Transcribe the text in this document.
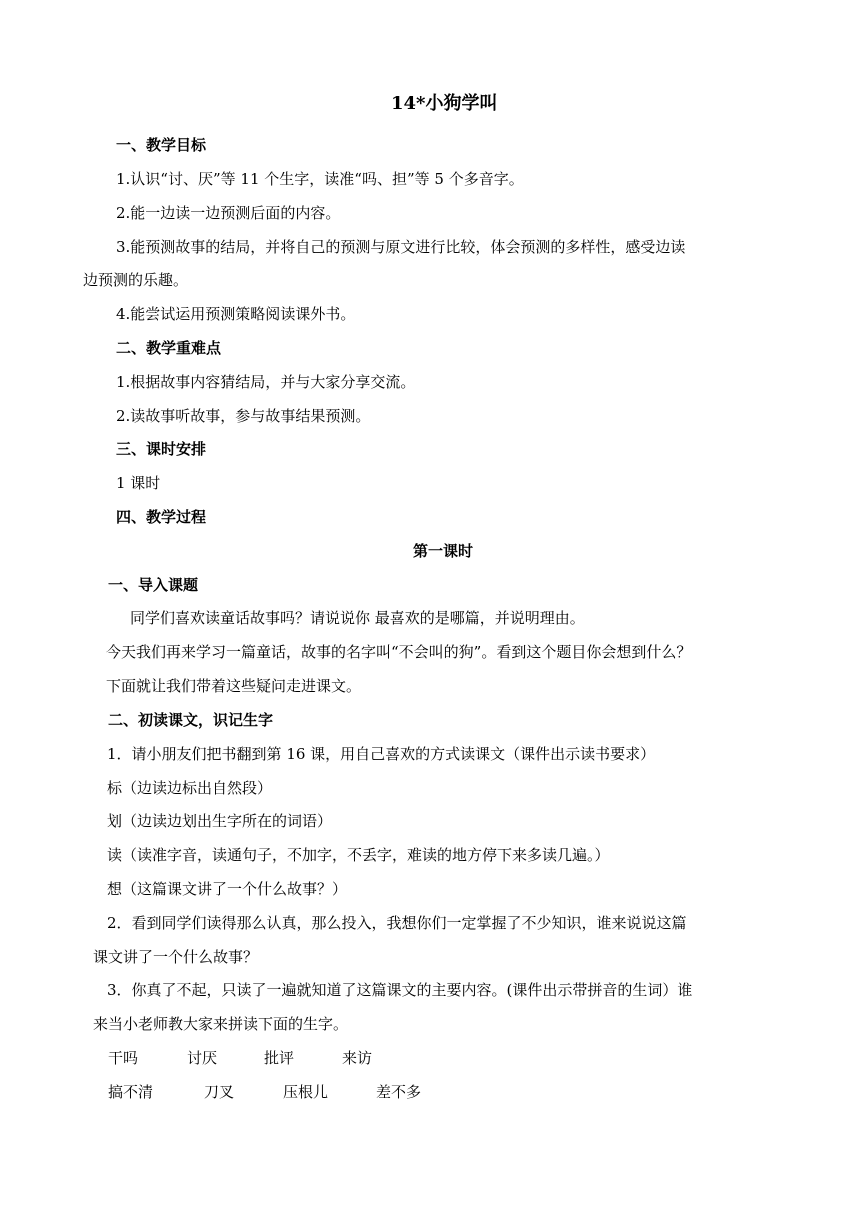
14*小狗学叫
一、教学目标
1.认识“讨、厌”等 11 个生字，读准“吗、担”等 5 个多音字。
2.能一边读一边预测后面的内容。
3.能预测故事的结局，并将自己的预测与原文进行比较，体会预测的多样性，感受边读
边预测的乐趣。
4.能尝试运用预测策略阅读课外书。
二、教学重难点
1.根据故事内容猜结局，并与大家分享交流。
2.读故事听故事，参与故事结果预测。
三、课时安排
1 课时
四、教学过程
第一课时
一、导入课题
同学们喜欢读童话故事吗？请说说你 最喜欢的是哪篇，并说明理由。
今天我们再来学习一篇童话，故事的名字叫“不会叫的狗”。看到这个题目你会想到什么？
下面就让我们带着这些疑问走进课文。
二、初读课文，识记生字
1．请小朋友们把书翻到第 16 课，用自己喜欢的方式读课文（课件出示读书要求）
标（边读边标出自然段）
划（边读边划出生字所在的词语）
读（读准字音，读通句子，不加字，不丢字，难读的地方停下来多读几遍。）
想（这篇课文讲了一个什么故事？）
2．看到同学们读得那么认真，那么投入，我想你们一定掌握了不少知识，谁来说说这篇
课文讲了一个什么故事？
3．你真了不起，只读了一遍就知道了这篇课文的主要内容。(课件出示带拼音的生词）谁
来当小老师教大家来拼读下面的生字。
干吗	讨厌	批评	来访
搞不清	刀叉	压根儿	差不多
